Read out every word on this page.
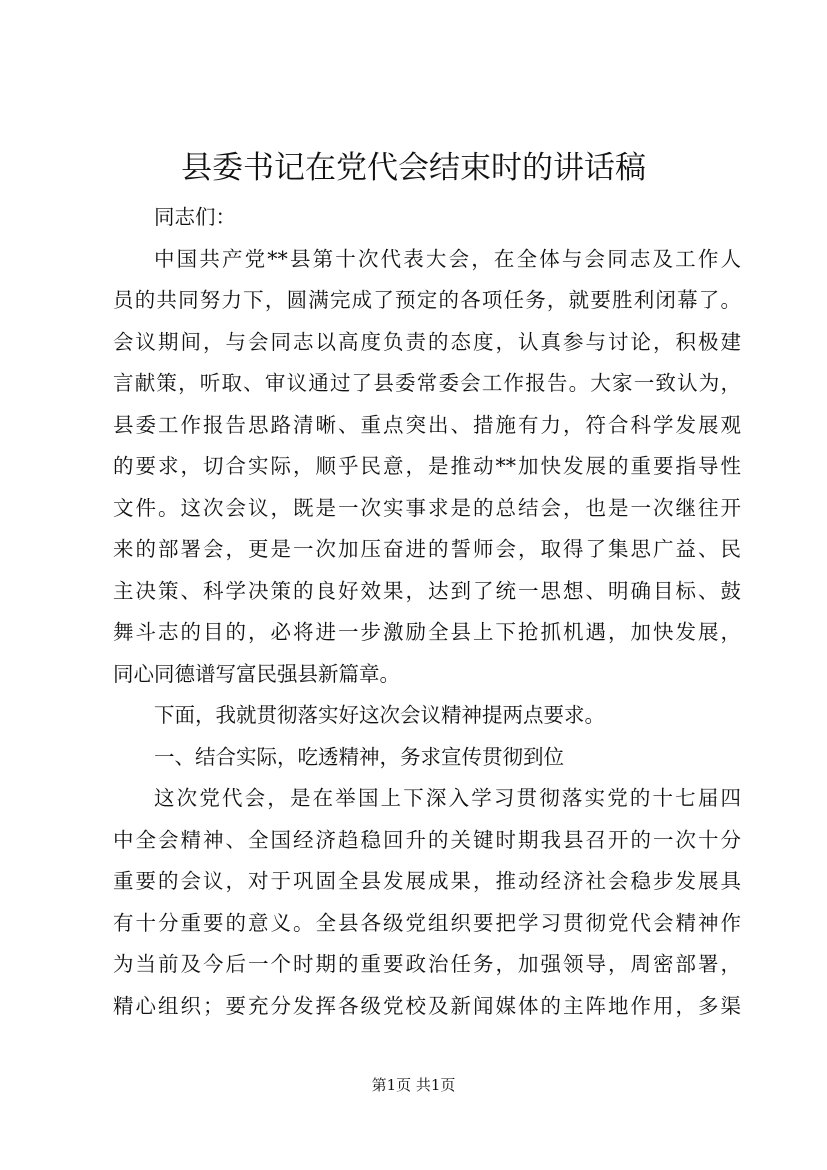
县委书记在党代会结束时的讲话稿
同志们：
中国共产党**县第十次代表大会，在全体与会同志及工作人
员的共同努力下，圆满完成了预定的各项任务，就要胜利闭幕了。
会议期间，与会同志以高度负责的态度，认真参与讨论，积极建
言献策，听取、审议通过了县委常委会工作报告。大家一致认为，
县委工作报告思路清晰、重点突出、措施有力，符合科学发展观
的要求，切合实际，顺乎民意，是推动**加快发展的重要指导性
文件。这次会议，既是一次实事求是的总结会，也是一次继往开
来的部署会，更是一次加压奋进的誓师会，取得了集思广益、民
主决策、科学决策的良好效果，达到了统一思想、明确目标、鼓
舞斗志的目的，必将进一步激励全县上下抢抓机遇，加快发展，
同心同德谱写富民强县新篇章。
下面，我就贯彻落实好这次会议精神提两点要求。
一、结合实际，吃透精神，务求宣传贯彻到位
这次党代会，是在举国上下深入学习贯彻落实党的十七届四
中全会精神、全国经济趋稳回升的关键时期我县召开的一次十分
重要的会议，对于巩固全县发展成果，推动经济社会稳步发展具
有十分重要的意义。全县各级党组织要把学习贯彻党代会精神作
为当前及今后一个时期的重要政治任务，加强领导，周密部署，
精心组织；要充分发挥各级党校及新闻媒体的主阵地作用，多渠
第1页 共1页
